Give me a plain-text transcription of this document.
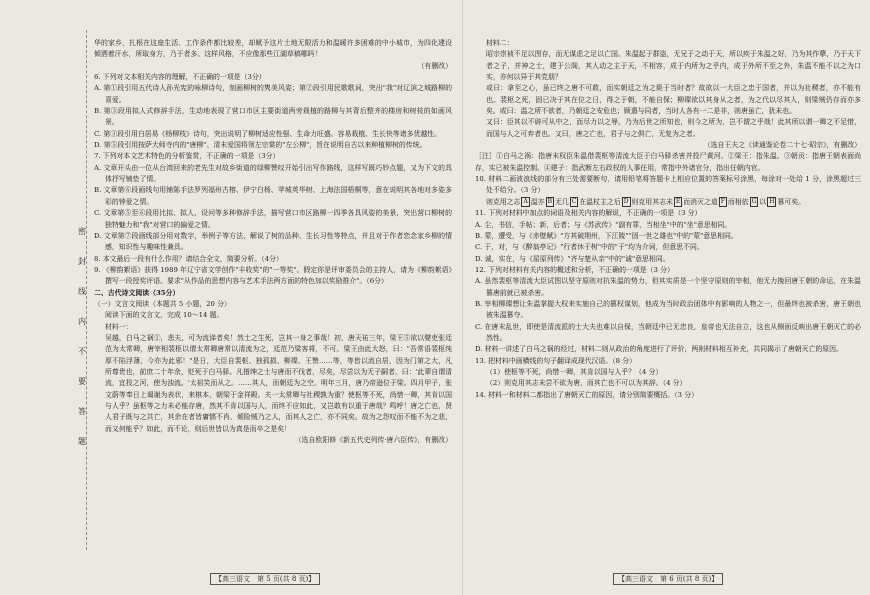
密
封
线
内
不
要
答
题

华的家乡，扎根在这座生活、工作条件都比较差，却赋予这片土地无限活力和温暖许多困难的中小城市，为四化建设倾洒着汗水，所取身方，乃于者多。这样风格，不应像那些江湖草稿哪吗！

（有删改）

6. 下列对文本相关内容的理解，不正确的一项是（3分）

A. 第①段引用五代诗人孙光宪的咏柳诗句，刻画柳树的隽美风姿；第②段引用民歌歌词，突出"我"对辽滨之城路柳的喜爱。

B. 第③段用拟人式修辞手法，生动地表现了营口市区主要街道两旁栽植的路柳与其背后整齐的楼房和树枝的如画风景。

C. 第③段引用白居易《杨柳枝》诗句，突出说明了柳树适应性强、生命力旺盛、容易栽植、生长快等诸多优越性。

D. 第⑤段引用按萨大师寺内的"唐柳"、清末爱国将领左宗棠的"左公柳"，旨在说明自古以来种植柳树的传统。

7. 下列对本文艺术特色的分析鉴赏，不正确的一项是（3分）

A. 文章开头由一位从台湾回来的老先生对故乡街道的绿柳赞叹开始引出写作路线，这样写既巧妙点题，又为下文的具体抒写铺垫了情。

B. 文章第⑥段画线句用铺陈手法罗列福州古榕、伊宁白杨、苹城英华树、上海法国梧桐等，意在说明其各地对多姿多彩的钟爱之情。

C. 文章第⑤至⑥段用比拟、拟人、设问等多种修辞手法，描写营口市区路柳一四季各具风姿的美景，突出营口柳树的独特魅力和"我"对营口的偏爱之情。

D. 文章第⑦段画线部分用对数字，举例子等方法，解说了树的品种、生长习性等特点，并且对于作者恋念家乡柳的情感，知识性与趣味性兼具。

8. 本文最后一段有什么作用？请结合全文，简要分析。（4分）

9. 《柳韵絮语》获得 1989 年辽宁省文学创作"丰收奖"的"一等奖"。假定你是评审委员会的主持人，请为《柳韵絮语》撰写一段授奖评语。要求"从作品的思想内容与艺术手法两方面的特色加以奖励推介"。（6分）

二、古代诗文阅读（35分）

（一）文言文阅读（本题共 5 小题，20 分）

阅读下面的文言文，完成 10～14 题。

材料一：

吴越，白马之祸①，悲夫，可为流涕者矣！然士之生死，岂其一身之事哉！初，唐天祐三年，梁王⑤欲以嬖吏张廷范为太常卿，唐宰相裴枢以谓太常卿唐常以清流为之，廷范乃梁客将，不可。梁王由此大怒，曰："吾常语裴枢纯厚不陷浮薄，今亦为此邪！"是日，大臣自裴枢、独孤损、柳璨、王赞……等，等皆以流自居，因为门第之大，凡所尊贵也，前庶二十年余，贬死于白马驿。凡搢绅之士与唐而不伐者，尽矣，尽尝以为无子嗣者，曰：'此辈自谓清流，宜投之河，使为浊流。'太祖笑而从之。……其人，而朝廷为之空。明年三月，唐乃帝逊位于梁。四月甲子，张文蔚等奉日上谒谢为表状，来棋本，朝梁于金祥殿。夫一太常卿与社稷孰为重？使枢等不死，尚惜一卿，其肯以国与人乎？虽枢等之力未必能存唐，然其不肯以国与人，而终不应如此，又岂敢有以重于唐哉？鸣呼！唐之亡也，贤人君子既与之共亡，其余在者皆庸懦不肖、倾险贼乃之人，而其人之亡，亦不同矣。故为之怨叹而不能不为之悲，而又何能乎？如此，而不论，则后世皆以为真是而卒之是矣！

（选自欧阳修《新五代史列传·唐六臣传》，有删改）

【高三语文　第 5 页(共 8 页)】

材料二：

昭宗崇祯不足以图存，而无谋虑之足以亡国。朱温起于群盗，无兄于之动于天，所以疾于朱温之好，乃为其作孽，乃于天下者之子，并神之士，建于公阁，其人动之主于天，不相容，成于内所为之乎内，成于外所不至之外，朱温不能不以之为口实，亦何以异于其党朋？

或曰：拿至之心，虽已终之唐不可救，而实朝廷之为之毙于当时者？故欲以一大臣之忠于国者，并以为社稷者，亦不能有也。裴枢之死，固已决于其在位之日，得之于朝，不能自保；柳璨欲以其身从之者，为之代以尽其人，则梁贼仍存而亦多矣。或曰：温之所不欲者，乃朝廷之安危也；顾遣与同者，当时人各有一二是非，则唐虽亡，犹未也。

又曰：臣其以不辟可从中之，而尽力以之辱，乃为后世之所知也，则今之所为，岂不谓之乎哉！此其所以谓一卿之不足惜，而国与人之可弃者也。又曰，唐之亡也，君子与之俱亡，无复为之者。

（选自王夫之《读通鉴论卷二十七·昭宗》，有删改）

［注］①白马之祸：指唐末权臣朱温借裴枢等清流大臣于白马驿杀害并投尸黄河。②梁王：指朱温。③朝贡：指唐王朝表面尚存，实已被朱温控制。④建子：指武断左右政权的人事任用，常指中外诸官分，指出任朝内官。

10. 材料二画波浪线的部分有三处需要断句，请用铅笔将答题卡上相应位置的答案标号涂黑，每涂对一处给 1 分，涂黑超过三处不给分。（3 分）

则克用之志 A 温亦 B 无几 C 在温杖主之后 D 则克用其志未 E 而消灭之道 F 而相依 G 以 H 篡可矣。

11. 下列对材料中加点的词语及相关内容的解说，不正确的一项是（3 分）

A. 尘，书信，手帖；新，后者；与《苏武传》"副有罪，当相坐"中的"坐"意思相同。

B. 蒙，遭受，与《赤壁赋》"方其破荆州，下江陵""固一世之雄也"中的"蒙"意思相同。

C. 于，对，与《醉翁亭记》"行者休于树"中的"于"均为介词，但意思不同。

D. 诚，实在，与《屈原列传》"齐与楚从亲"中的"诚"意思相同。

12. 下列对材料有关内容的概述和分析，不正确的一项是（3 分）

A. 虽然裴枢等清流大臣试图以坚守原则对抗朱温的势力，但其实质是一个坚守原则的宰相，他无力挽回唐王朝的命运，在朱温篡唐前就已被杀害。

B. 宰相柳璨想让朱温掌握大权来实施自己的篡权谋划，他成为当时政治团体中有影响的人物之一，但最终也被杀害，唐王朝也被朱温篡夺。

C. 在唐末乱世，即使是清流派的士大夫也难以自保，当朝廷中已无忠良，皇帝也无法自立，这也从侧面反映出唐王朝灭亡的必然性。

D. 材料一讲述了白马之祸的经过，材料二则从政治的角度进行了评价，两则材料相互补充，共同揭示了唐朝灭亡的原因。

13. 把材料中画横线的句子翻译成现代汉语。（8 分）

（1）使枢等不死，尚惜一卿，其肯以国与人乎？（4 分）

（2）则克用其志未尝不欲为唐，而其亡也不可以为其辞。（4 分）

14. 材料一和材料二都指出了唐朝灭亡的原因，请分别简要概括。（3 分）

【高三语文　第 6 页(共 8 页)】
